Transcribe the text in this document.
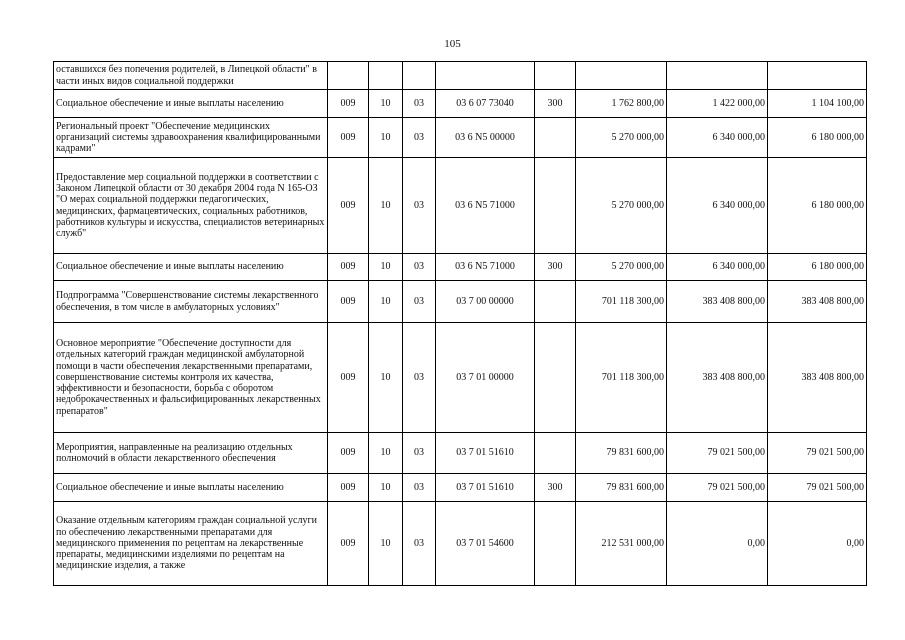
105
оставшихся без попечения родителей, в Липецкой области" в части иных видов социальной поддержки								
Социальное обеспечение и иные выплаты населению	009	10	03	03 6 07 73040	300	1 762 800,00	1 422 000,00	1 104 100,00
Региональный проект "Обеспечение медицинских организаций системы здравоохранения квалифицированными кадрами"	009	10	03	03 6 N5 00000		5 270 000,00	6 340 000,00	6 180 000,00
Предоставление мер социальной поддержки в соответствии с Законом Липецкой области от 30 декабря 2004 года N 165-ОЗ "О мерах социальной поддержки педагогических, медицинских, фармацевтических, социальных работников, работников культуры и искусства, специалистов ветеринарных служб"	009	10	03	03 6 N5 71000		5 270 000,00	6 340 000,00	6 180 000,00
Социальное обеспечение и иные выплаты населению	009	10	03	03 6 N5 71000	300	5 270 000,00	6 340 000,00	6 180 000,00
Подпрограмма "Совершенствование системы лекарственного обеспечения, в том числе в амбулаторных условиях"	009	10	03	03 7 00 00000		701 118 300,00	383 408 800,00	383 408 800,00
Основное мероприятие "Обеспечение доступности для отдельных категорий граждан медицинской амбулаторной помощи в части обеспечения лекарственными препаратами, совершенствование системы контроля их качества, эффективности и безопасности, борьба с оборотом недоброкачественных и фальсифицированных лекарственных препаратов"	009	10	03	03 7 01 00000		701 118 300,00	383 408 800,00	383 408 800,00
Мероприятия, направленные на реализацию отдельных полномочий в области лекарственного обеспечения	009	10	03	03 7 01 51610		79 831 600,00	79 021 500,00	79 021 500,00
Социальное обеспечение и иные выплаты населению	009	10	03	03 7 01 51610	300	79 831 600,00	79 021 500,00	79 021 500,00
Оказание отдельным категориям граждан социальной услуги по обеспечению лекарственными препаратами для медицинского применения по рецептам на лекарственные препараты, медицинскими изделиями по рецептам на медицинские изделия, а также	009	10	03	03 7 01 54600		212 531 000,00	0,00	0,00
